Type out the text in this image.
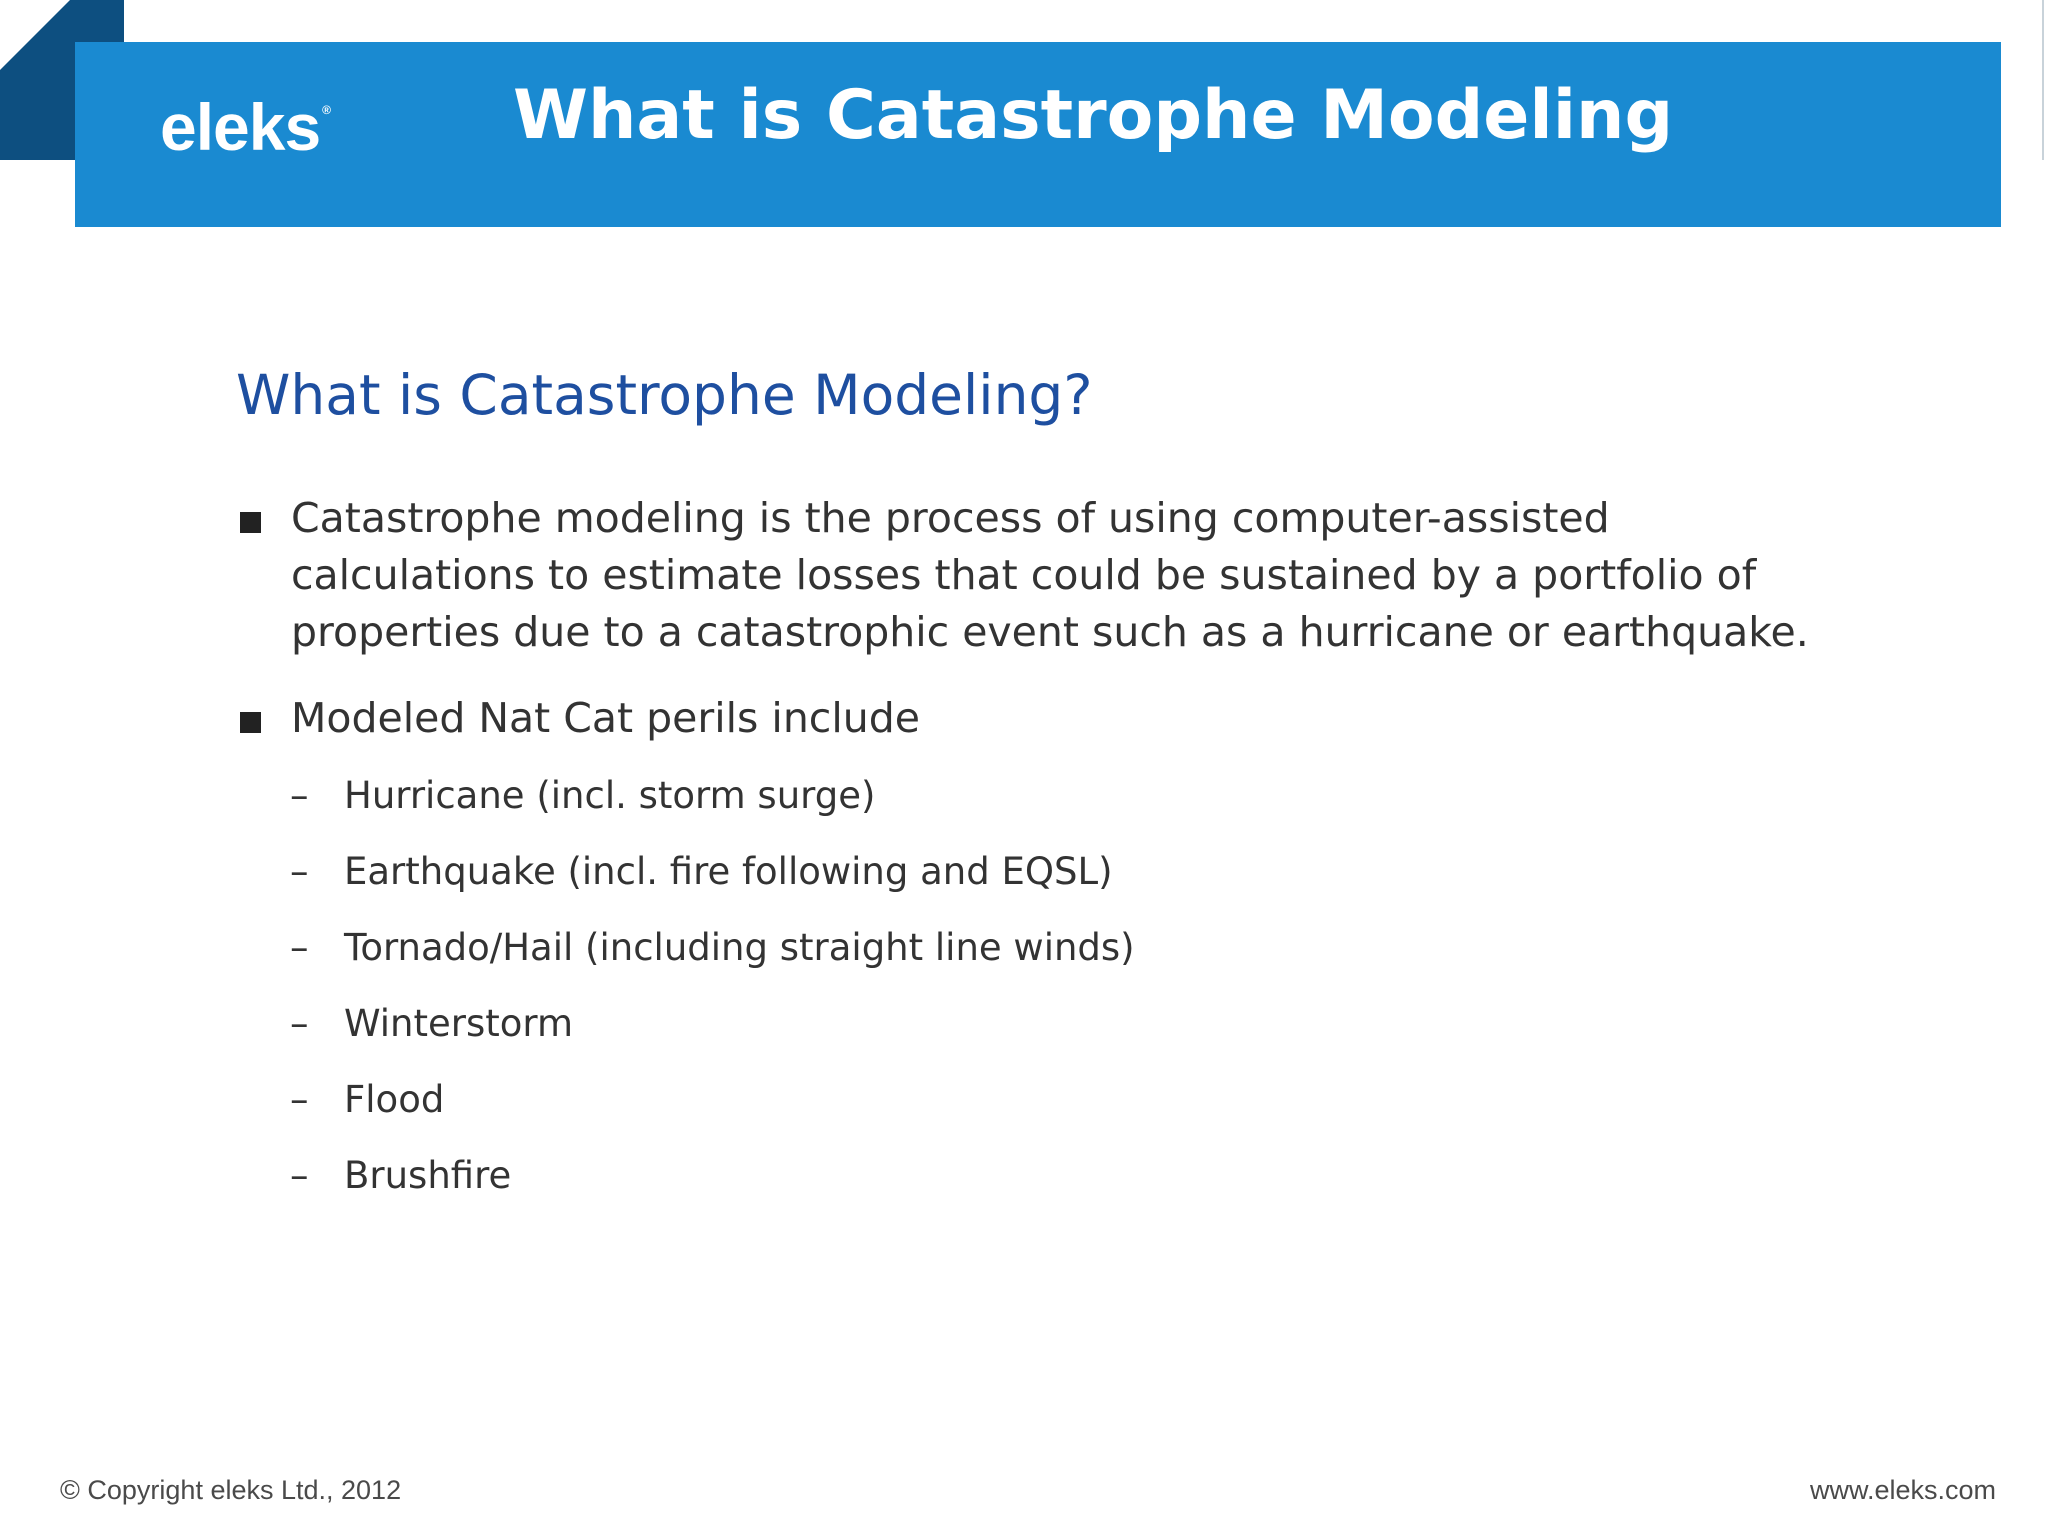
eleks ®	What is Catastrophe Modeling
What is Catastrophe Modeling?
Catastrophe modeling is the process of using computer-assisted calculations to estimate losses that could be sustained by a portfolio of properties due to a catastrophic event such as a hurricane or earthquake.
Modeled Nat Cat perils include
– Hurricane (incl. storm surge)
– Earthquake (incl. fire following and EQSL)
– Tornado/Hail (including straight line winds)
– Winterstorm
– Flood
– Brushfire
© Copyright eleks Ltd., 2012	www.eleks.com
